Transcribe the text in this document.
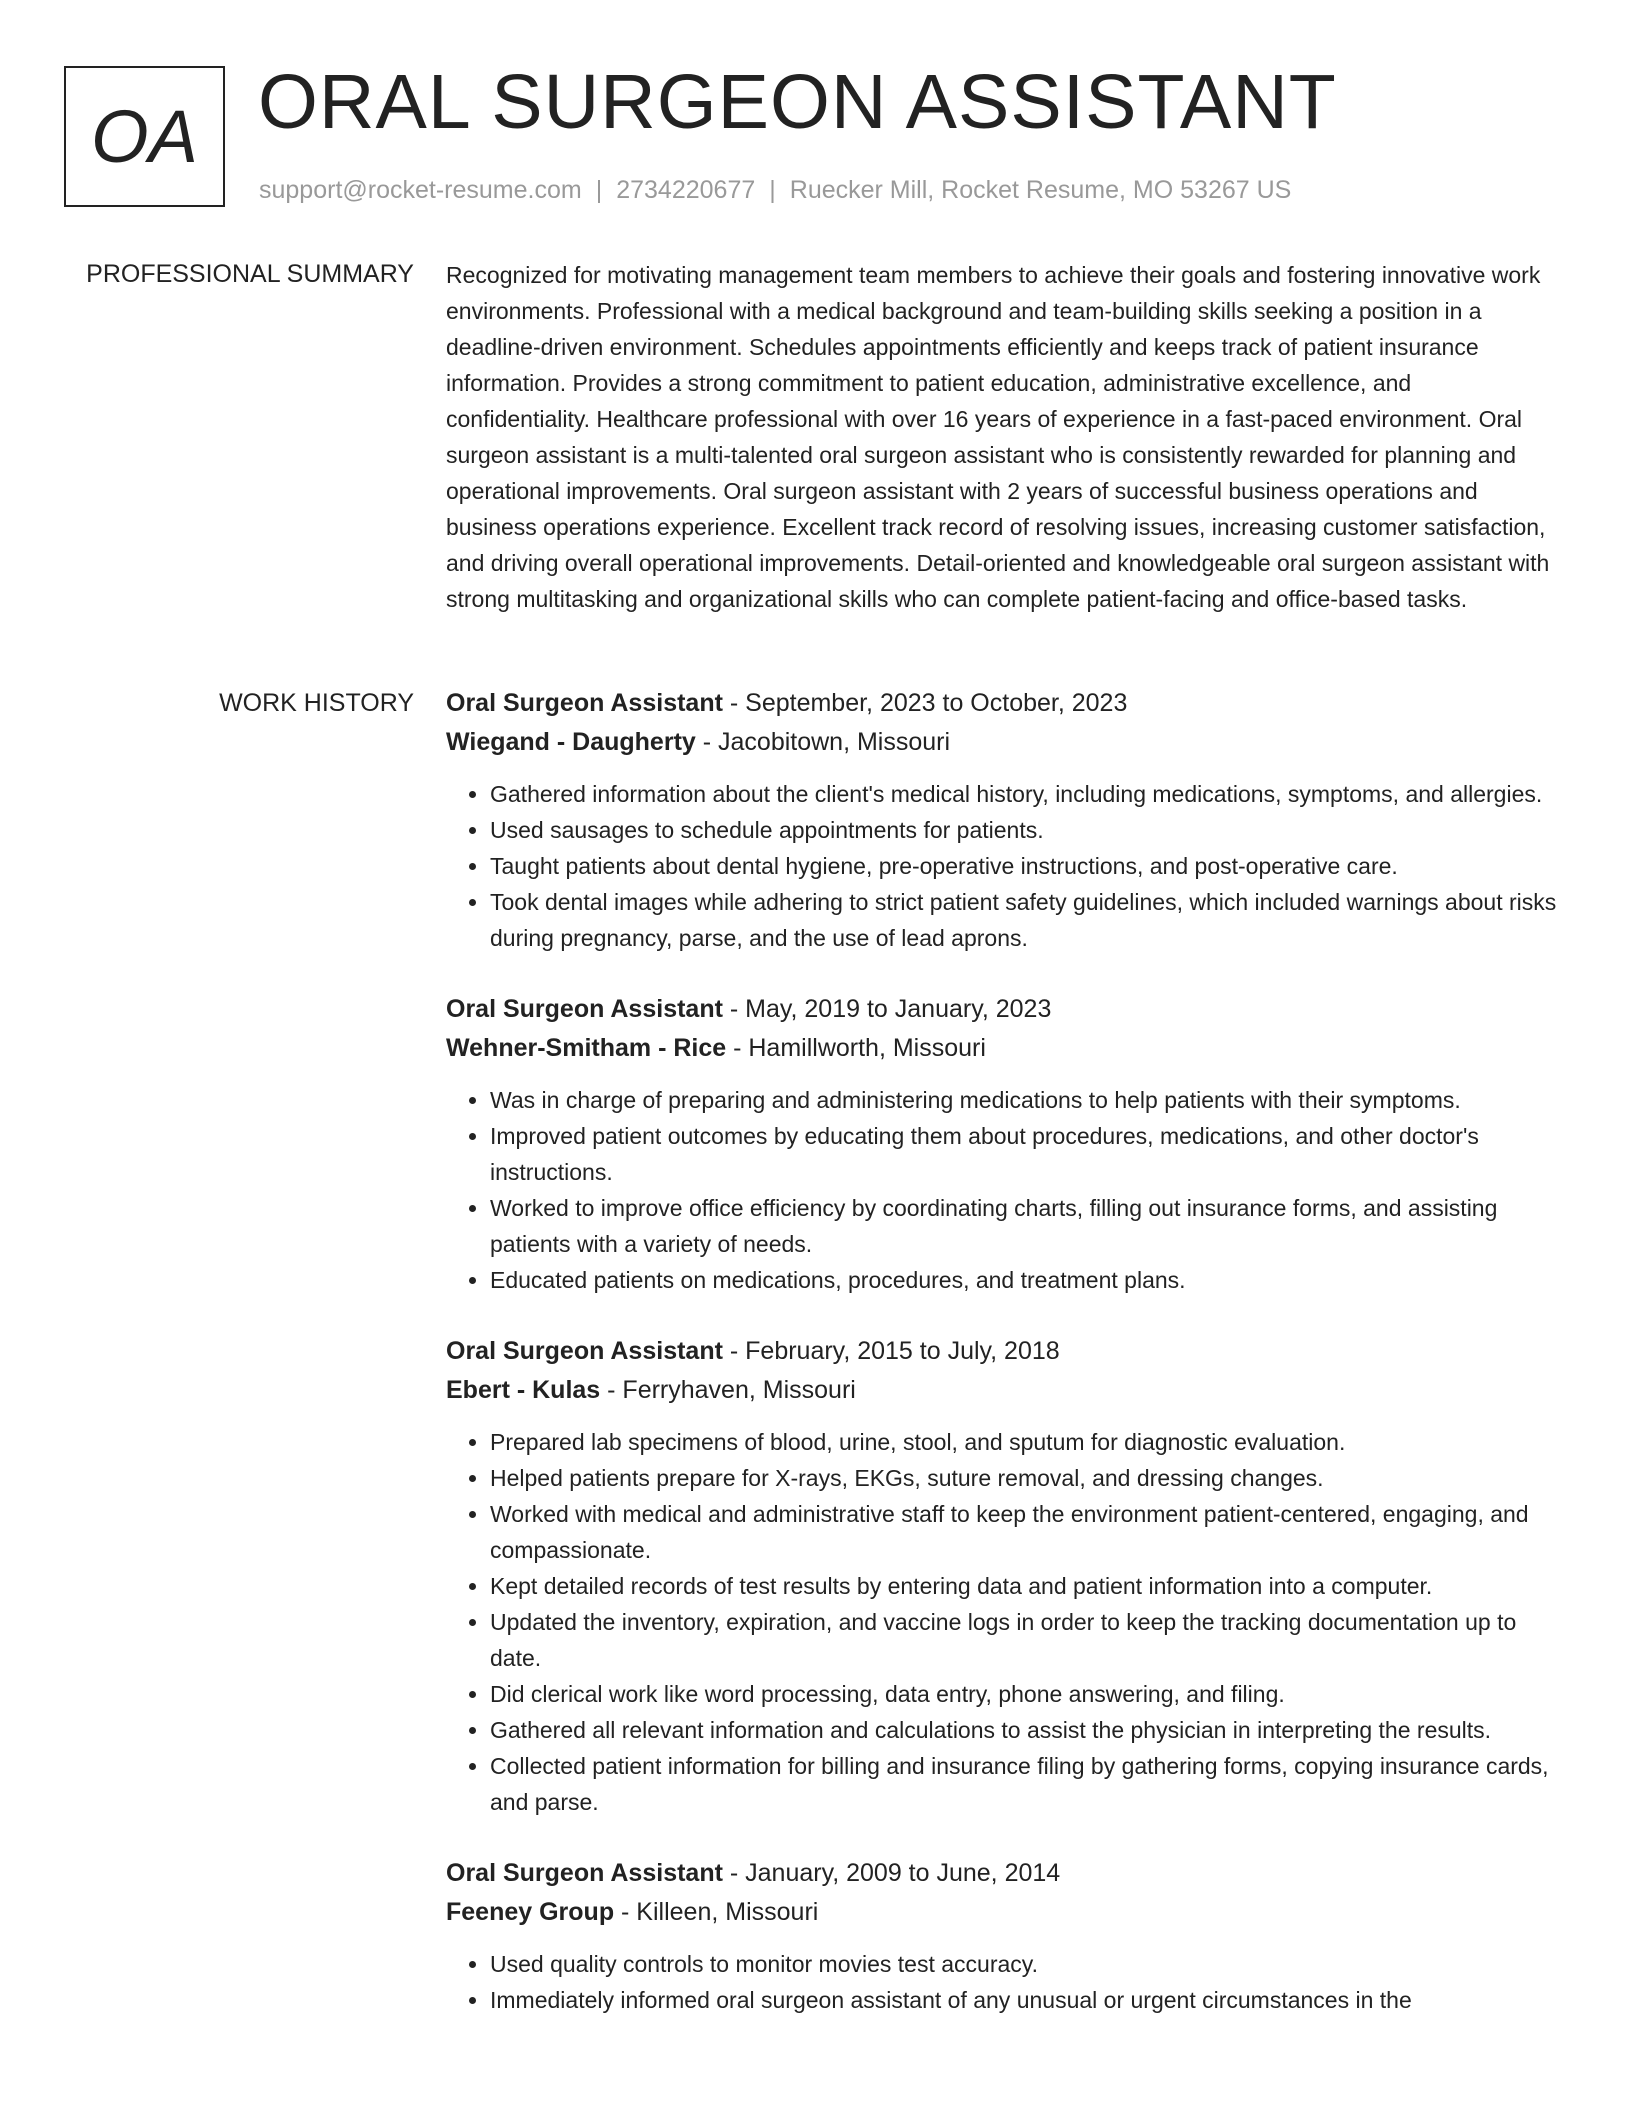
OA ORAL SURGEON ASSISTANT
support@rocket-resume.com | 2734220677 | Ruecker Mill, Rocket Resume, MO 53267 US
PROFESSIONAL SUMMARY Recognized for motivating management team members to achieve their goals and fostering innovative work environments. Professional with a medical background and team-building skills seeking a position in a deadline-driven environment. Schedules appointments efficiently and keeps track of patient insurance information. Provides a strong commitment to patient education, administrative excellence, and confidentiality. Healthcare professional with over 16 years of experience in a fast-paced environment. Oral surgeon assistant is a multi-talented oral surgeon assistant who is consistently rewarded for planning and operational improvements. Oral surgeon assistant with 2 years of successful business operations and business operations experience. Excellent track record of resolving issues, increasing customer satisfaction, and driving overall operational improvements. Detail-oriented and knowledgeable oral surgeon assistant with strong multitasking and organizational skills who can complete patient-facing and office-based tasks.

WORK HISTORY Oral Surgeon Assistant - September, 2023 to October, 2023
Wiegand - Daugherty - Jacobitown, Missouri
• Gathered information about the client's medical history, including medications, symptoms, and allergies.
• Used sausages to schedule appointments for patients.
• Taught patients about dental hygiene, pre-operative instructions, and post-operative care.
• Took dental images while adhering to strict patient safety guidelines, which included warnings about risks during pregnancy, parse, and the use of lead aprons.
Oral Surgeon Assistant - May, 2019 to January, 2023
Wehner-Smitham - Rice - Hamillworth, Missouri
• Was in charge of preparing and administering medications to help patients with their symptoms.
• Improved patient outcomes by educating them about procedures, medications, and other doctor's instructions.
• Worked to improve office efficiency by coordinating charts, filling out insurance forms, and assisting patients with a variety of needs.
• Educated patients on medications, procedures, and treatment plans.
Oral Surgeon Assistant - February, 2015 to July, 2018
Ebert - Kulas - Ferryhaven, Missouri
• Prepared lab specimens of blood, urine, stool, and sputum for diagnostic evaluation.
• Helped patients prepare for X-rays, EKGs, suture removal, and dressing changes.
• Worked with medical and administrative staff to keep the environment patient-centered, engaging, and compassionate.
• Kept detailed records of test results by entering data and patient information into a computer.
• Updated the inventory, expiration, and vaccine logs in order to keep the tracking documentation up to date.
• Did clerical work like word processing, data entry, phone answering, and filing.
• Gathered all relevant information and calculations to assist the physician in interpreting the results.
• Collected patient information for billing and insurance filing by gathering forms, copying insurance cards, and parse.
Oral Surgeon Assistant - January, 2009 to June, 2014
Feeney Group - Killeen, Missouri
• Used quality controls to monitor movies test accuracy.
• Immediately informed oral surgeon assistant of any unusual or urgent circumstances in the
